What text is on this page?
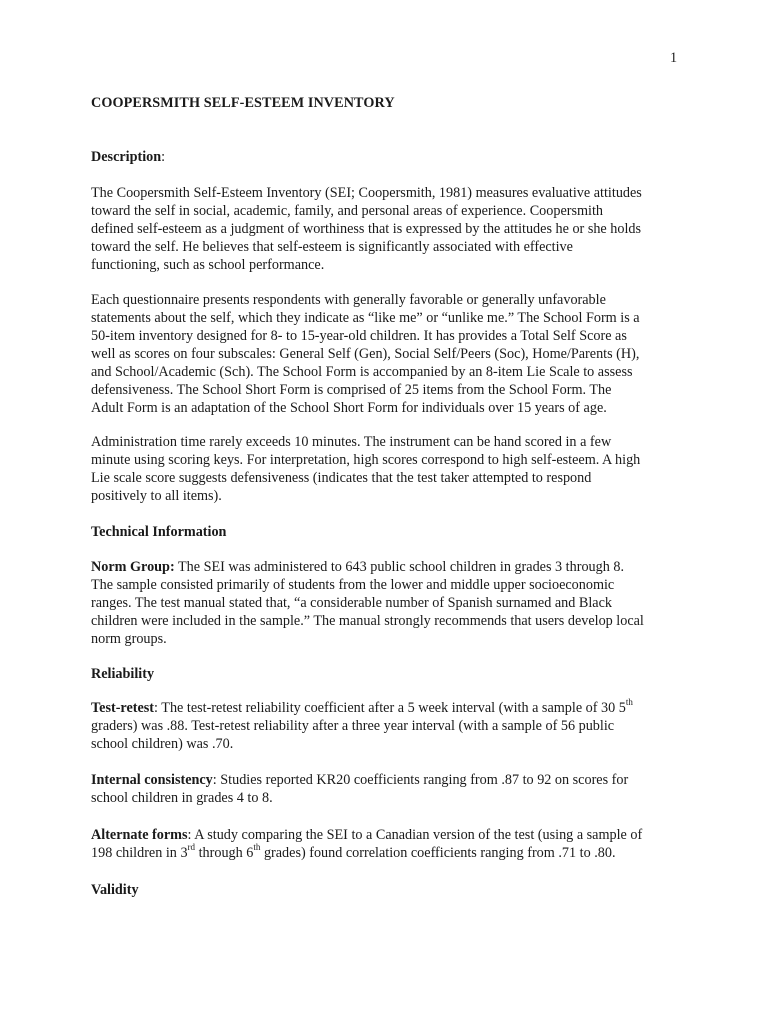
1
COOPERSMITH SELF-ESTEEM INVENTORY

Description:

The Coopersmith Self-Esteem Inventory (SEI; Coopersmith, 1981) measures evaluative attitudes
toward the self in social, academic, family, and personal areas of experience. Coopersmith
defined self-esteem as a judgment of worthiness that is expressed by the attitudes he or she holds
toward the self. He believes that self-esteem is significantly associated with effective
functioning, such as school performance.

Each questionnaire presents respondents with generally favorable or generally unfavorable
statements about the self, which they indicate as “like me” or “unlike me.” The School Form is a
50-item inventory designed for 8- to 15-year-old children. It has provides a Total Self Score as
well as scores on four subscales: General Self (Gen), Social Self/Peers (Soc), Home/Parents (H),
and School/Academic (Sch). The School Form is accompanied by an 8-item Lie Scale to assess
defensiveness. The School Short Form is comprised of 25 items from the School Form. The
Adult Form is an adaptation of the School Short Form for individuals over 15 years of age.

Administration time rarely exceeds 10 minutes. The instrument can be hand scored in a few
minute using scoring keys. For interpretation, high scores correspond to high self-esteem. A high
Lie scale score suggests defensiveness (indicates that the test taker attempted to respond
positively to all items).

Technical Information

Norm Group: The SEI was administered to 643 public school children in grades 3 through 8.
The sample consisted primarily of students from the lower and middle upper socioeconomic
ranges. The test manual stated that, “a considerable number of Spanish surnamed and Black
children were included in the sample.” The manual strongly recommends that users develop local
norm groups.

Reliability

Test-retest: The test-retest reliability coefficient after a 5 week interval (with a sample of 30 5th
graders) was .88. Test-retest reliability after a three year interval (with a sample of 56 public
school children) was .70.

Internal consistency: Studies reported KR20 coefficients ranging from .87 to 92 on scores for
school children in grades 4 to 8.

Alternate forms: A study comparing the SEI to a Canadian version of the test (using a sample of
198 children in 3rd through 6th grades) found correlation coefficients ranging from .71 to .80.

Validity
